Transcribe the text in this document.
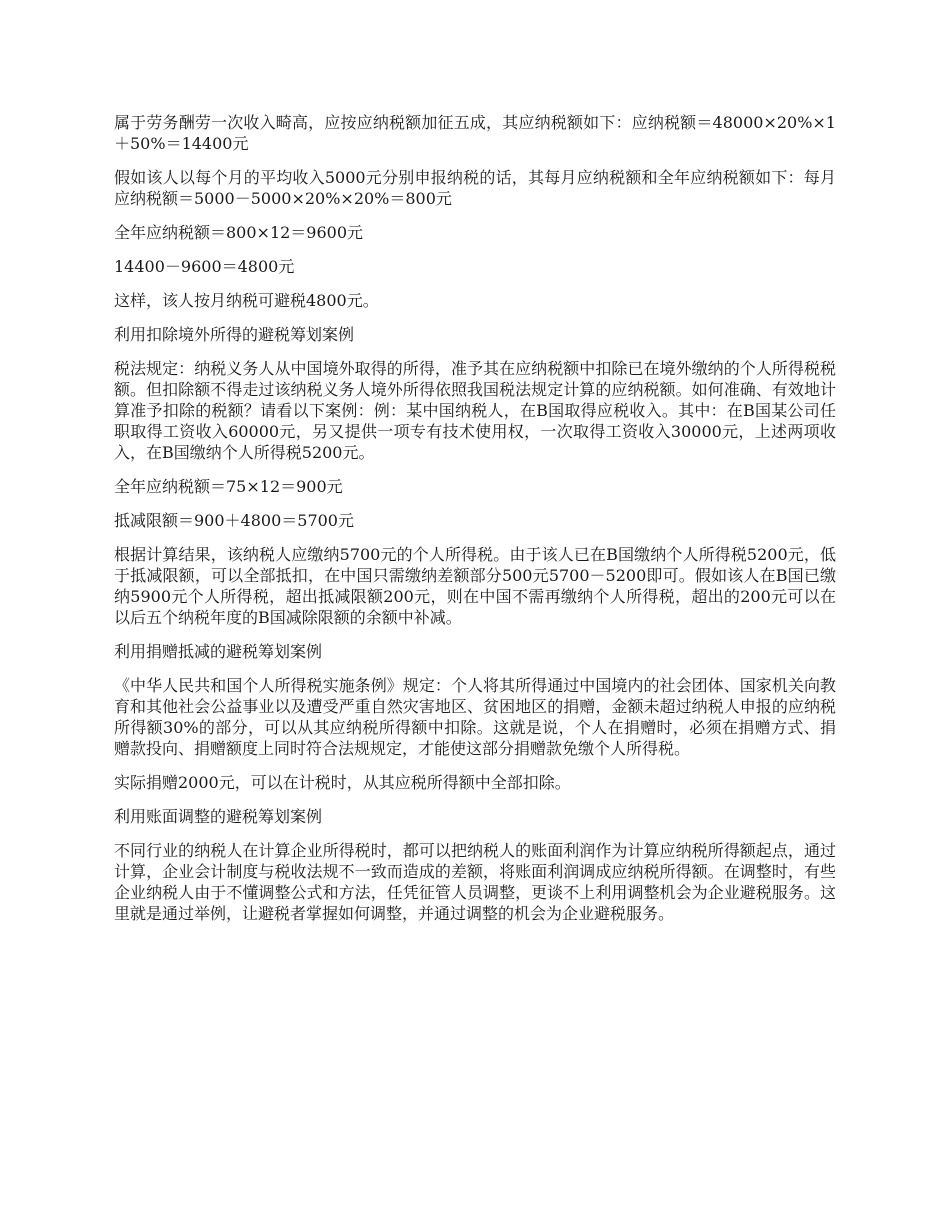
属于劳务酬劳一次收入畸高，应按应纳税额加征五成，其应纳税额如下：应纳税额＝48000×20%×1＋50%＝14400元

假如该人以每个月的平均收入5000元分别申报纳税的话，其每月应纳税额和全年应纳税额如下：每月应纳税额＝5000－5000×20%×20%＝800元

全年应纳税额＝800×12＝9600元

14400－9600＝4800元

这样，该人按月纳税可避税4800元。

利用扣除境外所得的避税筹划案例

税法规定：纳税义务人从中国境外取得的所得，准予其在应纳税额中扣除已在境外缴纳的个人所得税税额。但扣除额不得走过该纳税义务人境外所得依照我国税法规定计算的应纳税额。如何准确、有效地计算准予扣除的税额？请看以下案例：例：某中国纳税人，在B国取得应税收入。其中：在B国某公司任职取得工资收入60000元，另又提供一项专有技术使用权，一次取得工资收入30000元，上述两项收入，在B国缴纳个人所得税5200元。

全年应纳税额＝75×12＝900元

抵减限额＝900＋4800＝5700元

根据计算结果，该纳税人应缴纳5700元的个人所得税。由于该人已在B国缴纳个人所得税5200元，低于抵减限额，可以全部抵扣，在中国只需缴纳差额部分500元5700－5200即可。假如该人在B国已缴纳5900元个人所得税，超出抵减限额200元，则在中国不需再缴纳个人所得税，超出的200元可以在以后五个纳税年度的B国减除限额的余额中补减。

利用捐赠抵减的避税筹划案例

《中华人民共和国个人所得税实施条例》规定：个人将其所得通过中国境内的社会团体、国家机关向教育和其他社会公益事业以及遭受严重自然灾害地区、贫困地区的捐赠，金额未超过纳税人申报的应纳税所得额30%的部分，可以从其应纳税所得额中扣除。这就是说，个人在捐赠时，必须在捐赠方式、捐赠款投向、捐赠额度上同时符合法规规定，才能使这部分捐赠款免缴个人所得税。

实际捐赠2000元，可以在计税时，从其应税所得额中全部扣除。

利用账面调整的避税筹划案例

不同行业的纳税人在计算企业所得税时，都可以把纳税人的账面利润作为计算应纳税所得额起点，通过计算，企业会计制度与税收法规不一致而造成的差额，将账面利润调成应纳税所得额。在调整时，有些企业纳税人由于不懂调整公式和方法，任凭征管人员调整，更谈不上利用调整机会为企业避税服务。这里就是通过举例，让避税者掌握如何调整，并通过调整的机会为企业避税服务。
